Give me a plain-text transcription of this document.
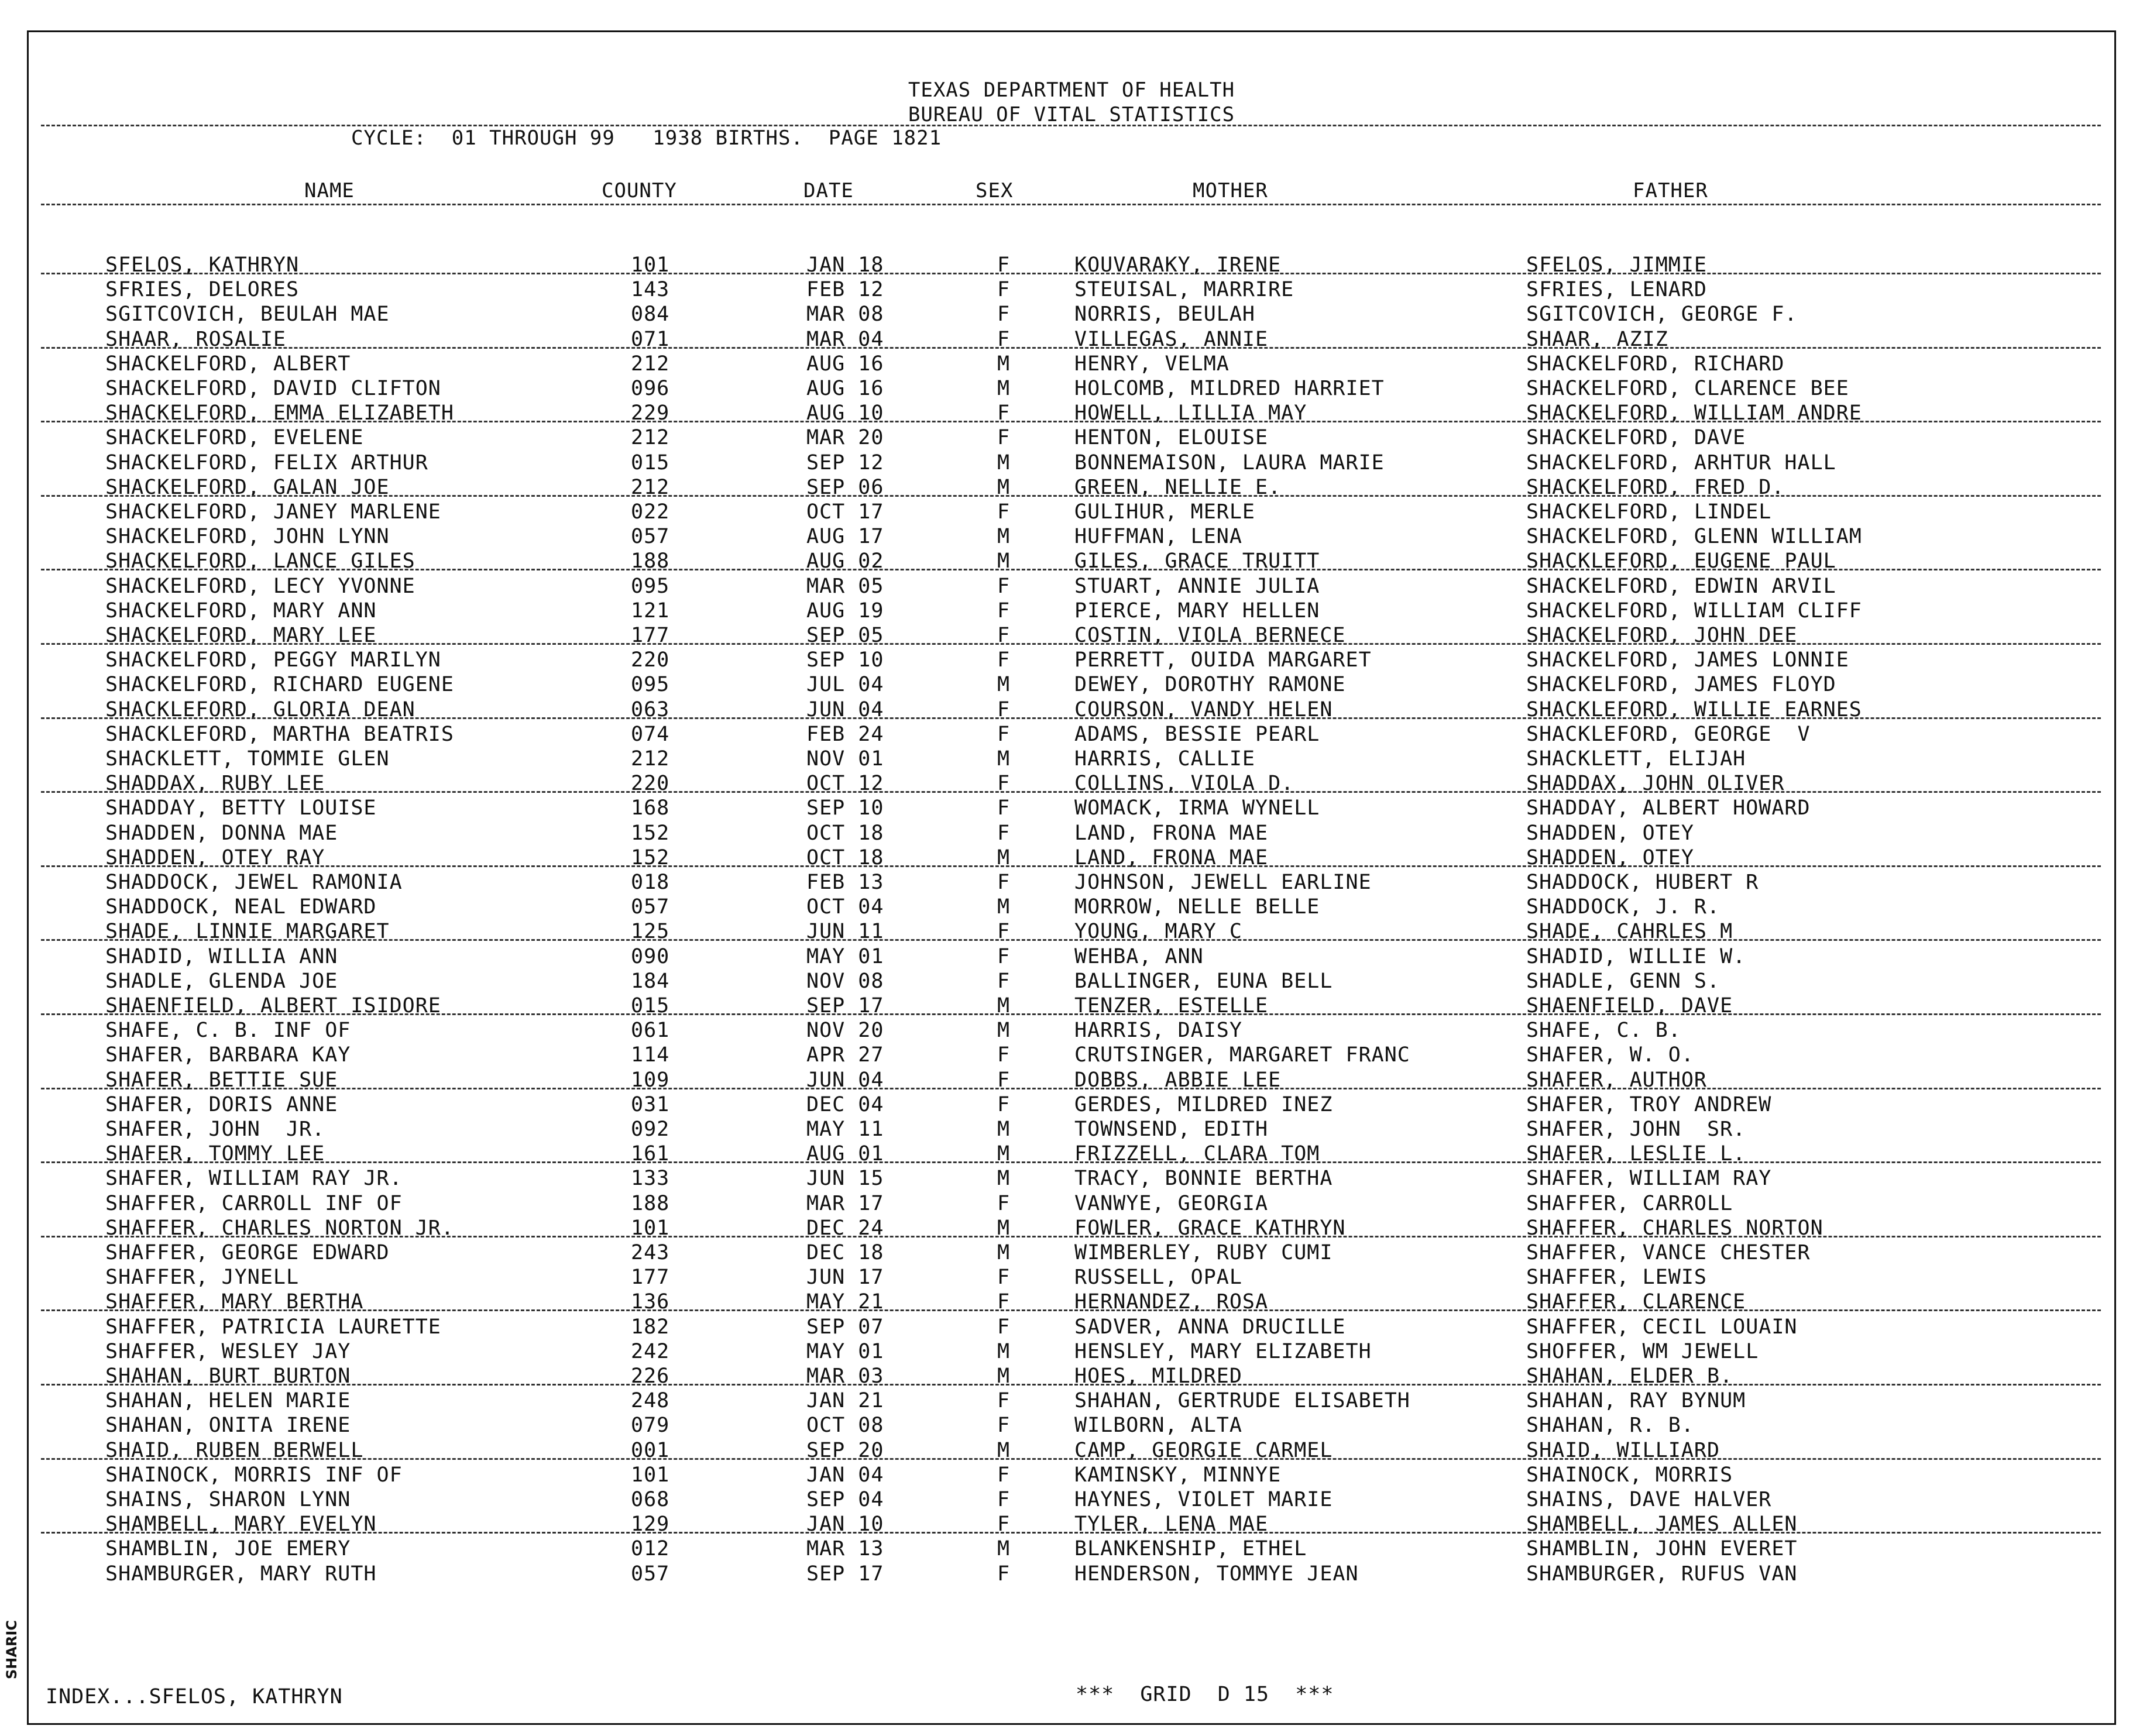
TEXAS DEPARTMENT OF HEALTH
BUREAU OF VITAL STATISTICS
CYCLE:  01 THROUGH 99   1938 BIRTHS.  PAGE 1821
NAME	COUNTY	DATE	SEX	MOTHER	FATHER
SFELOS, KATHRYN	101	JAN 18	F	KOUVARAKY, IRENE	SFELOS, JIMMIE
SFRIES, DELORES	143	FEB 12	F	STEUISAL, MARRIRE	SFRIES, LENARD
SGITCOVICH, BEULAH MAE	084	MAR 08	F	NORRIS, BEULAH	SGITCOVICH, GEORGE F.
SHAAR, ROSALIE	071	MAR 04	F	VILLEGAS, ANNIE	SHAAR, AZIZ
SHACKELFORD, ALBERT	212	AUG 16	M	HENRY, VELMA	SHACKELFORD, RICHARD
SHACKELFORD, DAVID CLIFTON	096	AUG 16	M	HOLCOMB, MILDRED HARRIET	SHACKELFORD, CLARENCE BEE
SHACKELFORD, EMMA ELIZABETH	229	AUG 10	F	HOWELL, LILLIA MAY	SHACKELFORD, WILLIAM ANDRE
SHACKELFORD, EVELENE	212	MAR 20	F	HENTON, ELOUISE	SHACKELFORD, DAVE
SHACKELFORD, FELIX ARTHUR	015	SEP 12	M	BONNEMAISON, LAURA MARIE	SHACKELFORD, ARHTUR HALL
SHACKELFORD, GALAN JOE	212	SEP 06	M	GREEN, NELLIE E.	SHACKELFORD, FRED D.
SHACKELFORD, JANEY MARLENE	022	OCT 17	F	GULIHUR, MERLE	SHACKELFORD, LINDEL
SHACKELFORD, JOHN LYNN	057	AUG 17	M	HUFFMAN, LENA	SHACKELFORD, GLENN WILLIAM
SHACKELFORD, LANCE GILES	188	AUG 02	M	GILES, GRACE TRUITT	SHACKLEFORD, EUGENE PAUL
SHACKELFORD, LECY YVONNE	095	MAR 05	F	STUART, ANNIE JULIA	SHACKELFORD, EDWIN ARVIL
SHACKELFORD, MARY ANN	121	AUG 19	F	PIERCE, MARY HELLEN	SHACKELFORD, WILLIAM CLIFF
SHACKELFORD, MARY LEE	177	SEP 05	F	COSTIN, VIOLA BERNECE	SHACKELFORD, JOHN DEE
SHACKELFORD, PEGGY MARILYN	220	SEP 10	F	PERRETT, OUIDA MARGARET	SHACKELFORD, JAMES LONNIE
SHACKELFORD, RICHARD EUGENE	095	JUL 04	M	DEWEY, DOROTHY RAMONE	SHACKELFORD, JAMES FLOYD
SHACKLEFORD, GLORIA DEAN	063	JUN 04	F	COURSON, VANDY HELEN	SHACKLEFORD, WILLIE EARNES
SHACKLEFORD, MARTHA BEATRIS	074	FEB 24	F	ADAMS, BESSIE PEARL	SHACKLEFORD, GEORGE  V
SHACKLETT, TOMMIE GLEN	212	NOV 01	M	HARRIS, CALLIE	SHACKLETT, ELIJAH
SHADDAX, RUBY LEE	220	OCT 12	F	COLLINS, VIOLA D.	SHADDAX, JOHN OLIVER
SHADDAY, BETTY LOUISE	168	SEP 10	F	WOMACK, IRMA WYNELL	SHADDAY, ALBERT HOWARD
SHADDEN, DONNA MAE	152	OCT 18	F	LAND, FRONA MAE	SHADDEN, OTEY
SHADDEN, OTEY RAY	152	OCT 18	M	LAND, FRONA MAE	SHADDEN, OTEY
SHADDOCK, JEWEL RAMONIA	018	FEB 13	F	JOHNSON, JEWELL EARLINE	SHADDOCK, HUBERT R
SHADDOCK, NEAL EDWARD	057	OCT 04	M	MORROW, NELLE BELLE	SHADDOCK, J. R.
SHADE, LINNIE MARGARET	125	JUN 11	F	YOUNG, MARY C	SHADE, CAHRLES M
SHADID, WILLIA ANN	090	MAY 01	F	WEHBA, ANN	SHADID, WILLIE W.
SHADLE, GLENDA JOE	184	NOV 08	F	BALLINGER, EUNA BELL	SHADLE, GENN S.
SHAENFIELD, ALBERT ISIDORE	015	SEP 17	M	TENZER, ESTELLE	SHAENFIELD, DAVE
SHAFE, C. B. INF OF	061	NOV 20	M	HARRIS, DAISY	SHAFE, C. B.
SHAFER, BARBARA KAY	114	APR 27	F	CRUTSINGER, MARGARET FRANC	SHAFER, W. O.
SHAFER, BETTIE SUE	109	JUN 04	F	DOBBS, ABBIE LEE	SHAFER, AUTHOR
SHAFER, DORIS ANNE	031	DEC 04	F	GERDES, MILDRED INEZ	SHAFER, TROY ANDREW
SHAFER, JOHN  JR.	092	MAY 11	M	TOWNSEND, EDITH	SHAFER, JOHN  SR.
SHAFER, TOMMY LEE	161	AUG 01	M	FRIZZELL, CLARA TOM	SHAFER, LESLIE L.
SHAFER, WILLIAM RAY JR.	133	JUN 15	M	TRACY, BONNIE BERTHA	SHAFER, WILLIAM RAY
SHAFFER, CARROLL INF OF	188	MAR 17	F	VANWYE, GEORGIA	SHAFFER, CARROLL
SHAFFER, CHARLES NORTON JR.	101	DEC 24	M	FOWLER, GRACE KATHRYN	SHAFFER, CHARLES NORTON
SHAFFER, GEORGE EDWARD	243	DEC 18	M	WIMBERLEY, RUBY CUMI	SHAFFER, VANCE CHESTER
SHAFFER, JYNELL	177	JUN 17	F	RUSSELL, OPAL	SHAFFER, LEWIS
SHAFFER, MARY BERTHA	136	MAY 21	F	HERNANDEZ, ROSA	SHAFFER, CLARENCE
SHAFFER, PATRICIA LAURETTE	182	SEP 07	F	SADVER, ANNA DRUCILLE	SHAFFER, CECIL LOUAIN
SHAFFER, WESLEY JAY	242	MAY 01	M	HENSLEY, MARY ELIZABETH	SHOFFER, WM JEWELL
SHAHAN, BURT BURTON	226	MAR 03	M	HOES, MILDRED	SHAHAN, ELDER B.
SHAHAN, HELEN MARIE	248	JAN 21	F	SHAHAN, GERTRUDE ELISABETH	SHAHAN, RAY BYNUM
SHAHAN, ONITA IRENE	079	OCT 08	F	WILBORN, ALTA	SHAHAN, R. B.
SHAID, RUBEN BERWELL	001	SEP 20	M	CAMP, GEORGIE CARMEL	SHAID, WILLIARD
SHAINOCK, MORRIS INF OF	101	JAN 04	F	KAMINSKY, MINNYE	SHAINOCK, MORRIS
SHAINS, SHARON LYNN	068	SEP 04	F	HAYNES, VIOLET MARIE	SHAINS, DAVE HALVER
SHAMBELL, MARY EVELYN	129	JAN 10	F	TYLER, LENA MAE	SHAMBELL, JAMES ALLEN
SHAMBLIN, JOE EMERY	012	MAR 13	M	BLANKENSHIP, ETHEL	SHAMBLIN, JOHN EVERET
SHAMBURGER, MARY RUTH	057	SEP 17	F	HENDERSON, TOMMYE JEAN	SHAMBURGER, RUFUS VAN
INDEX...SFELOS, KATHRYN	***  GRID  D 15  ***
SHARIC
